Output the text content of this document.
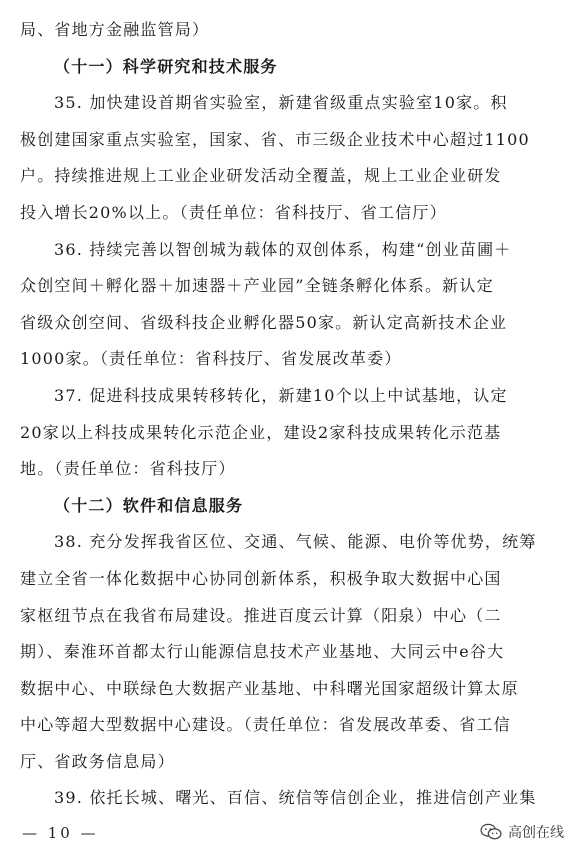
局、省地方金融监管局）
（十一）科学研究和技术服务
35. 加快建设首期省实验室，新建省级重点实验室10家。积
极创建国家重点实验室，国家、省、市三级企业技术中心超过1100
户。持续推进规上工业企业研发活动全覆盖，规上工业企业研发
投入增长20%以上。（责任单位：省科技厅、省工信厅）
36. 持续完善以智创城为载体的双创体系，构建“创业苗圃＋
众创空间＋孵化器＋加速器＋产业园”全链条孵化体系。新认定
省级众创空间、省级科技企业孵化器50家。新认定高新技术企业
1000家。（责任单位：省科技厅、省发展改革委）
37. 促进科技成果转移转化，新建10个以上中试基地，认定
20家以上科技成果转化示范企业，建设2家科技成果转化示范基
地。（责任单位：省科技厅）
（十二）软件和信息服务
38. 充分发挥我省区位、交通、气候、能源、电价等优势，统筹
建立全省一体化数据中心协同创新体系，积极争取大数据中心国
家枢纽节点在我省布局建设。推进百度云计算（阳泉）中心（二
期）、秦淮环首都太行山能源信息技术产业基地、大同云中e谷大
数据中心、中联绿色大数据产业基地、中科曙光国家超级计算太原
中心等超大型数据中心建设。（责任单位：省发展改革委、省工信
厅、省政务信息局）
39. 依托长城、曙光、百信、统信等信创企业，推进信创产业集
— 10 —	高创在线
